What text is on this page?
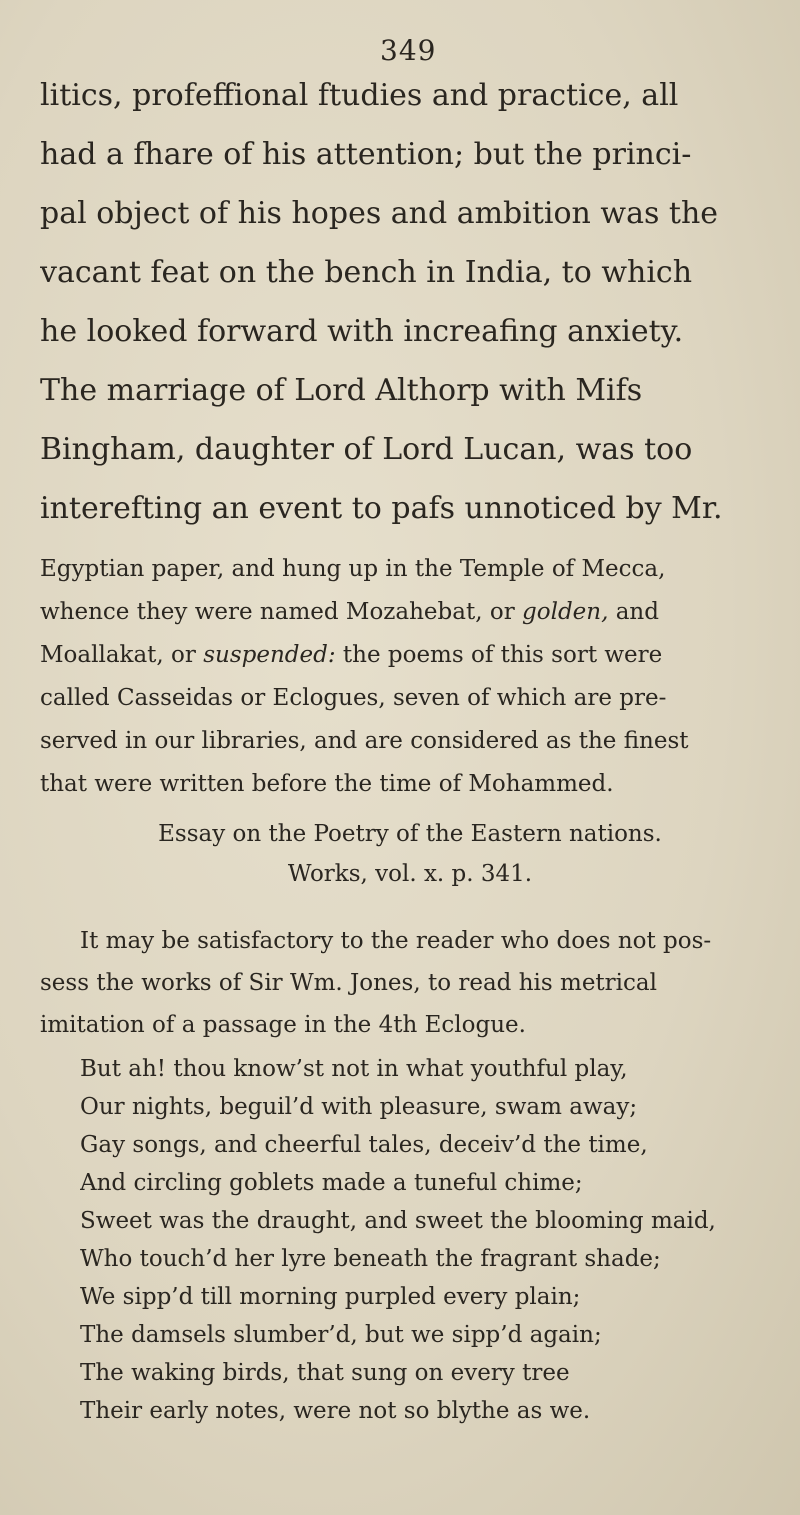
349
litics, profeffional ftudies and practice, all
had a fhare of his attention; but the princi-
pal object of his hopes and ambition was the
vacant feat on the bench in India, to which
he looked forward with increafing anxiety.
The marriage of Lord Althorp with Mifs
Bingham, daughter of Lord Lucan, was too
interefting an event to pafs unnoticed by Mr.
Egyptian paper, and hung up in the Temple of Mecca,
whence they were named Mozahebat, or golden, and
Moallakat, or suspended: the poems of this sort were
called Casseidas or Eclogues, seven of which are pre-
served in our libraries, and are considered as the finest
that were written before the time of Mohammed.
Essay on the Poetry of the Eastern nations.
Works, vol. x. p. 341.
It may be satisfactory to the reader who does not pos-
sess the works of Sir Wm. Jones, to read his metrical
imitation of a passage in the 4th Eclogue.
But ah! thou know’st not in what youthful play,
Our nights, beguil’d with pleasure, swam away;
Gay songs, and cheerful tales, deceiv’d the time,
And circling goblets made a tuneful chime;
Sweet was the draught, and sweet the blooming maid,
Who touch’d her lyre beneath the fragrant shade;
We sipp’d till morning purpled every plain;
The damsels slumber’d, but we sipp’d again;
The waking birds, that sung on every tree
Their early notes, were not so blythe as we.
